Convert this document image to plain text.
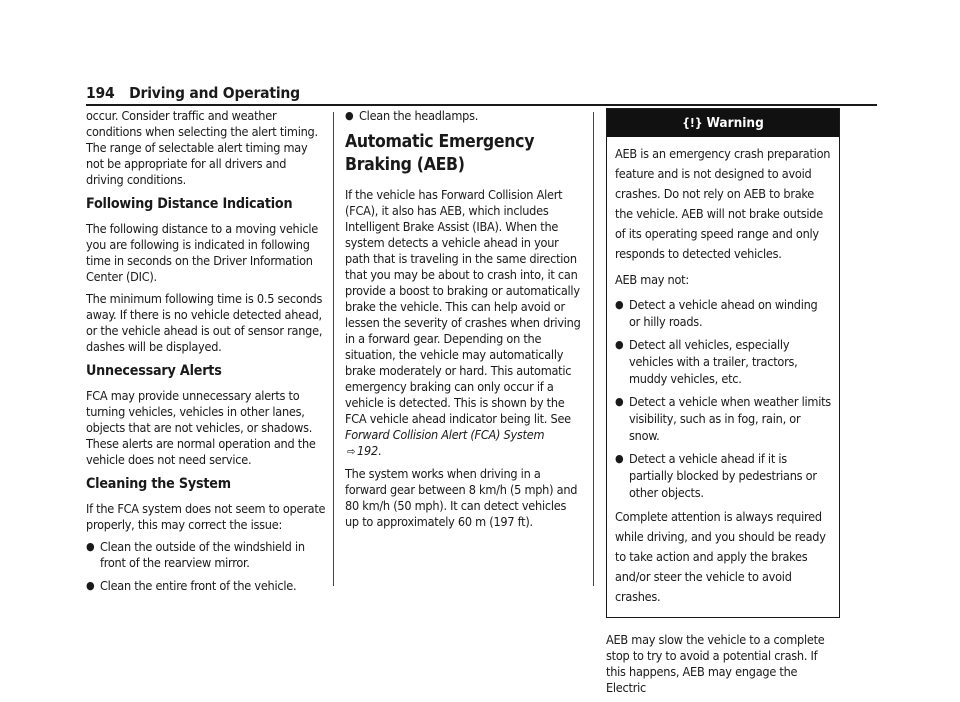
194 Driving and Operating

occur. Consider traffic and weather conditions when selecting the alert timing. The range of selectable alert timing may not be appropriate for all drivers and driving conditions.

Following Distance Indication

The following distance to a moving vehicle you are following is indicated in following time in seconds on the Driver Information Center (DIC).

The minimum following time is 0.5 seconds away. If there is no vehicle detected ahead, or the vehicle ahead is out of sensor range, dashes will be displayed.

Unnecessary Alerts

FCA may provide unnecessary alerts to turning vehicles, vehicles in other lanes, objects that are not vehicles, or shadows. These alerts are normal operation and the vehicle does not need service.

Cleaning the System

If the FCA system does not seem to operate properly, this may correct the issue:

● Clean the outside of the windshield in front of the rearview mirror.
● Clean the entire front of the vehicle.
● Clean the headlamps.
Automatic Emergency Braking (AEB)

If the vehicle has Forward Collision Alert (FCA), it also has AEB, which includes Intelligent Brake Assist (IBA). When the system detects a vehicle ahead in your path that is traveling in the same direction that you may be about to crash into, it can provide a boost to braking or automatically brake the vehicle. This can help avoid or lessen the severity of crashes when driving in a forward gear. Depending on the situation, the vehicle may automatically brake moderately or hard. This automatic emergency braking can only occur if a vehicle is detected. This is shown by the FCA vehicle ahead indicator being lit. See Forward Collision Alert (FCA) System ⇨ 192.

The system works when driving in a forward gear between 8 km/h (5 mph) and 80 km/h (50 mph). It can detect vehicles up to approximately 60 m (197 ft).

{!} Warning

AEB is an emergency crash preparation feature and is not designed to avoid crashes. Do not rely on AEB to brake the vehicle. AEB will not brake outside of its operating speed range and only responds to detected vehicles.

AEB may not:

● Detect a vehicle ahead on winding or hilly roads.
● Detect all vehicles, especially vehicles with a trailer, tractors, muddy vehicles, etc.
● Detect a vehicle when weather limits visibility, such as in fog, rain, or snow.
● Detect a vehicle ahead if it is partially blocked by pedestrians or other objects.

Complete attention is always required while driving, and you should be ready to take action and apply the brakes and/or steer the vehicle to avoid crashes.

AEB may slow the vehicle to a complete stop to try to avoid a potential crash. If this happens, AEB may engage the Electric
